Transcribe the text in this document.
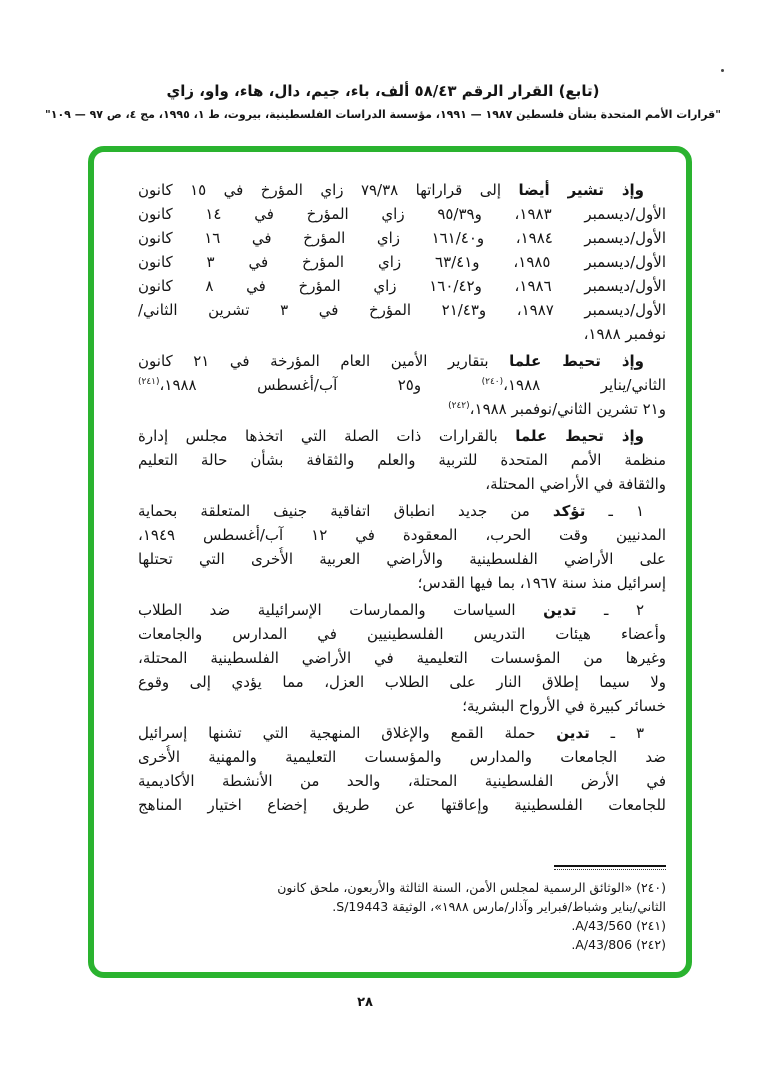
(تابع) القرار الرقم ٥٨/٤٣ ألف، باء، جيم، دال، هاء، واو، زاي
"قرارات الأمم المتحدة بشأن فلسطين ١٩٨٧ — ١٩٩١، مؤسسة الدراسات الفلسطينية، بيروت، ط ١، ١٩٩٥، مج ٤، ص ٩٧ — ١٠٩"
وإذ تشير أيضا إلى قراراتها ٧٩/٣٨ زاي المؤرخ في ١٥ كانون
الأول/ديسمبر ١٩٨٣، و٩٥/٣٩ زاي المؤرخ في ١٤ كانون
الأول/ديسمبر ١٩٨٤، و١٦١/٤٠ زاي المؤرخ في ١٦ كانون
الأول/ديسمبر ١٩٨٥، و٦٣/٤١ زاي المؤرخ في ٣ كانون
الأول/ديسمبر ١٩٨٦، و١٦٠/٤٢ زاي المؤرخ في ٨ كانون
الأول/ديسمبر ١٩٨٧، و٢١/٤٣ المؤرخ في ٣ تشرين الثاني/
نوفمبر ١٩٨٨،
وإذ تحيط علما بتقارير الأمين العام المؤرخة في ٢١ كانون
الثاني/يناير ١٩٨٨،$^{(٢٤٠)}$ و٢٥ آب/أغسطس ١٩٨٨،$^{(٢٤١)}$
و٢١ تشرين الثاني/نوفمبر ١٩٨٨،$^{(٢٤٢)}$
وإذ تحيط علما بالقرارات ذات الصلة التي اتخذها مجلس إدارة
منظمة الأمم المتحدة للتربية والعلم والثقافة بشأن حالة التعليم
والثقافة في الأراضي المحتلة،
١ ـ تؤكد من جديد انطباق اتفاقية جنيف المتعلقة بحماية
المدنيين وقت الحرب، المعقودة في ١٢ آب/أغسطس ١٩٤٩،
على الأراضي الفلسطينية والأراضي العربية الأُخرى التي تحتلها
إسرائيل منذ سنة ١٩٦٧، بما فيها القدس؛
٢ ـ تدين السياسات والممارسات الإسرائيلية ضد الطلاب
وأعضاء هيئات التدريس الفلسطينيين في المدارس والجامعات
وغيرها من المؤسسات التعليمية في الأراضي الفلسطينية المحتلة،
ولا سيما إطلاق النار على الطلاب العزل، مما يؤدي إلى وقوع
خسائر كبيرة في الأرواح البشرية؛
٣ ـ تدين حملة القمع والإغلاق المنهجية التي تشنها إسرائيل
ضد الجامعات والمدارس والمؤسسات التعليمية والمهنية الأُخرى
في الأرض الفلسطينية المحتلة، والحد من الأنشطة الأكاديمية
للجامعات الفلسطينية وإعاقتها عن طريق إخضاع اختيار المناهج
(٢٤٠) «الوثائق الرسمية لمجلس الأمن، السنة الثالثة والأربعون، ملحق كانون
الثاني/يناير وشباط/فبراير وآذار/مارس ١٩٨٨»، الوثيقة S/19443.
(٢٤١) A/43/560.
(٢٤٢) A/43/806.
٢٨
